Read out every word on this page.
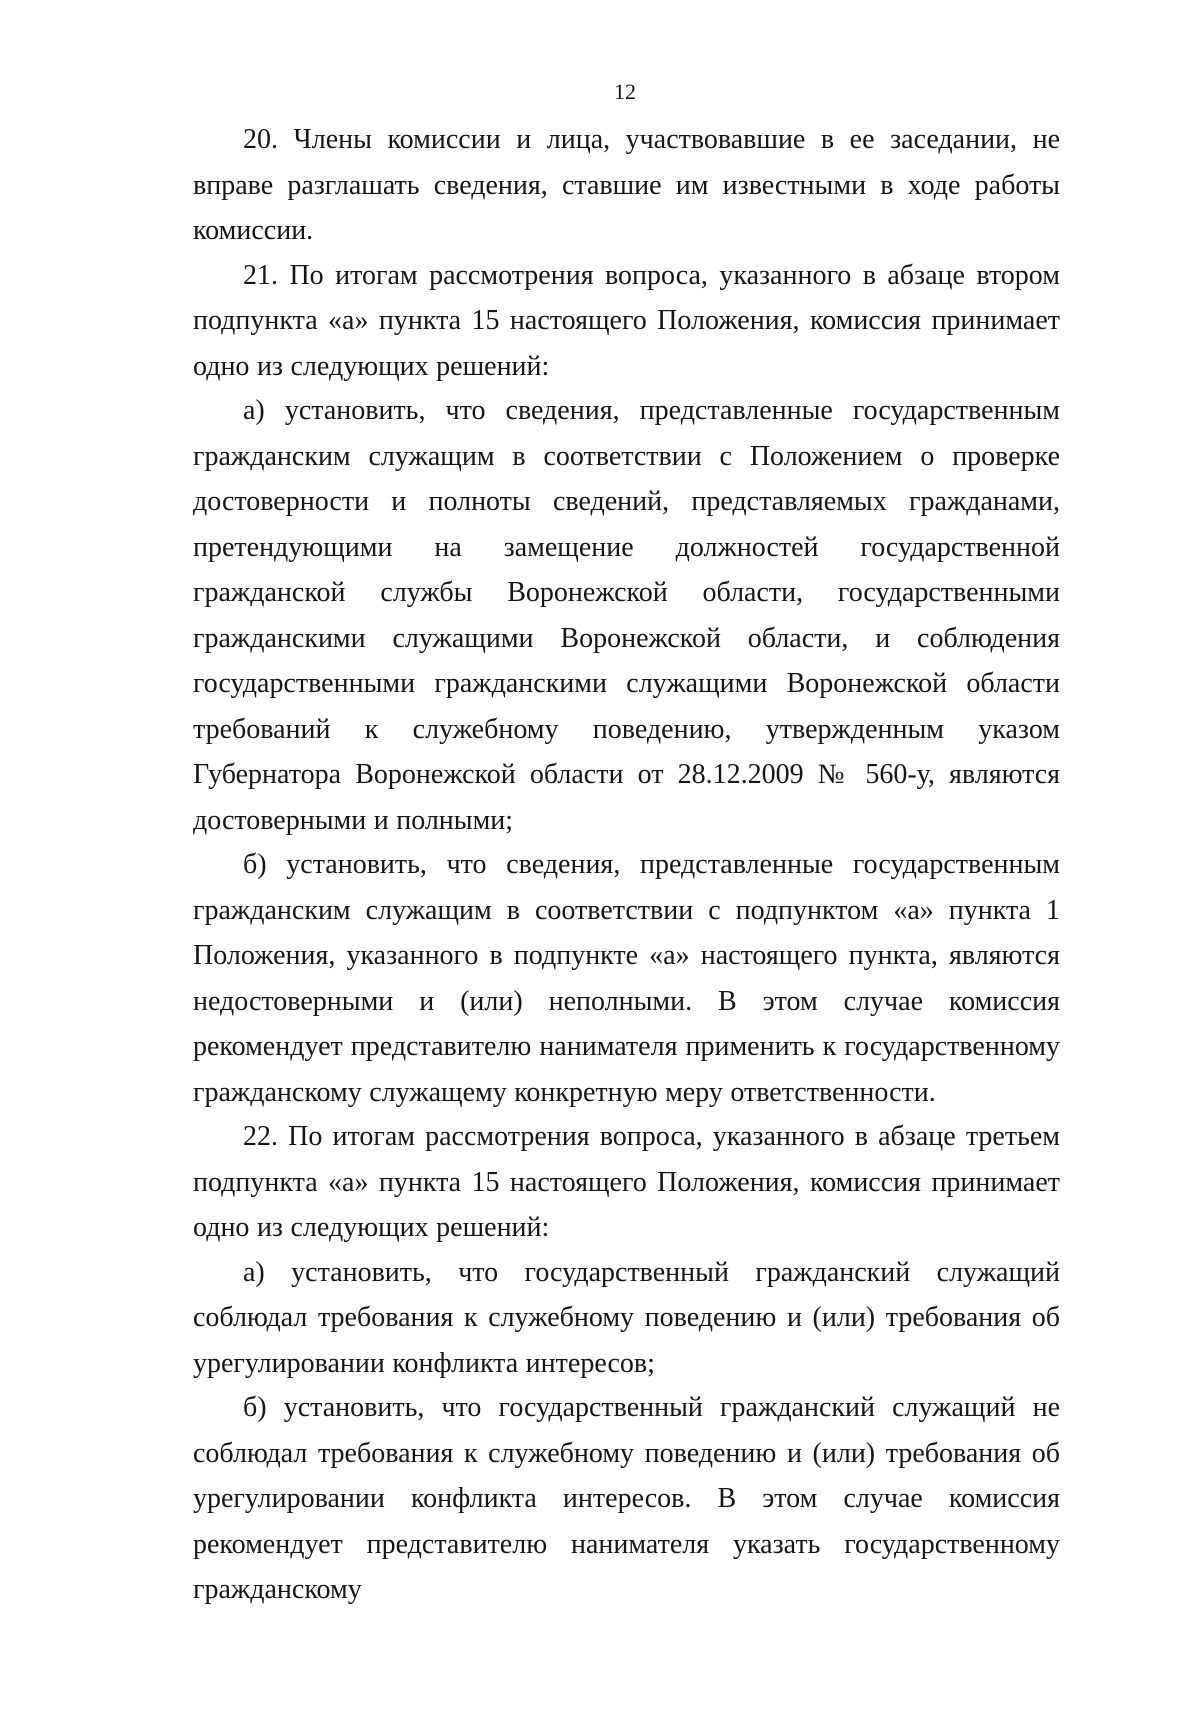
12

20. Члены комиссии и лица, участвовавшие в ее заседании, не вправе разглашать сведения, ставшие им известными в ходе работы комиссии.

21. По итогам рассмотрения вопроса, указанного в абзаце втором подпункта «а» пункта 15 настоящего Положения, комиссия принимает одно из следующих решений:

а) установить, что сведения, представленные государственным гражданским служащим в соответствии с Положением о проверке достоверности и полноты сведений, представляемых гражданами, претендующими на замещение должностей государственной гражданской службы Воронежской области, государственными гражданскими служащими Воронежской области, и соблюдения государственными гражданскими служащими Воронежской области требований к служебному поведению, утвержденным указом Губернатора Воронежской области от 28.12.2009 № 560-у, являются достоверными и полными;

б) установить, что сведения, представленные государственным гражданским служащим в соответствии с подпунктом «а» пункта 1 Положения, указанного в подпункте «а» настоящего пункта, являются недостоверными и (или) неполными. В этом случае комиссия рекомендует представителю нанимателя применить к государственному гражданскому служащему конкретную меру ответственности.

22. По итогам рассмотрения вопроса, указанного в абзаце третьем подпункта «а» пункта 15 настоящего Положения, комиссия принимает одно из следующих решений:

а) установить, что государственный гражданский служащий соблюдал требования к служебному поведению и (или) требования об урегулировании конфликта интересов;

б) установить, что государственный гражданский служащий не соблюдал требования к служебному поведению и (или) требования об урегулировании конфликта интересов. В этом случае комиссия рекомендует представителю нанимателя указать государственному гражданскому
